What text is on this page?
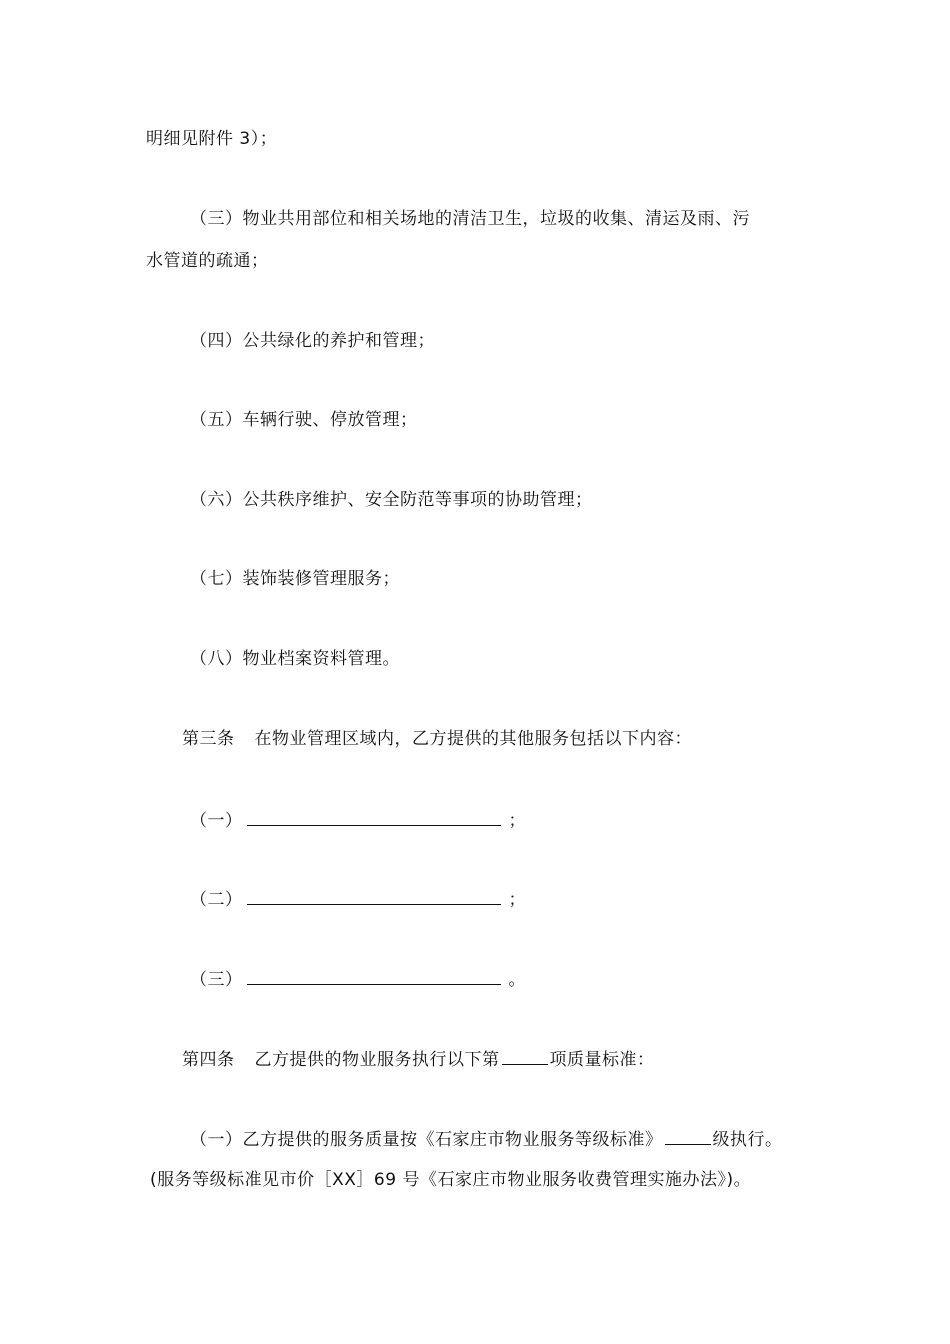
明细见附件 3）；
（三）物业共用部位和相关场地的清洁卫生，垃圾的收集、清运及雨、污
水管道的疏通；
（四）公共绿化的养护和管理；
（五）车辆行驶、停放管理；
（六）公共秩序维护、安全防范等事项的协助管理；
（七）装饰装修管理服务；
（八）物业档案资料管理。
第三条 在物业管理区域内，乙方提供的其他服务包括以下内容：
（一）	；
（二）	；
（三）	。
第四条 乙方提供的物业服务执行以下第	项质量标准：
（一）乙方提供的服务质量按《石家庄市物业服务等级标准》	级执行。
(服务等级标准见市价［XX］69 号《石家庄市物业服务收费管理实施办法》)。
